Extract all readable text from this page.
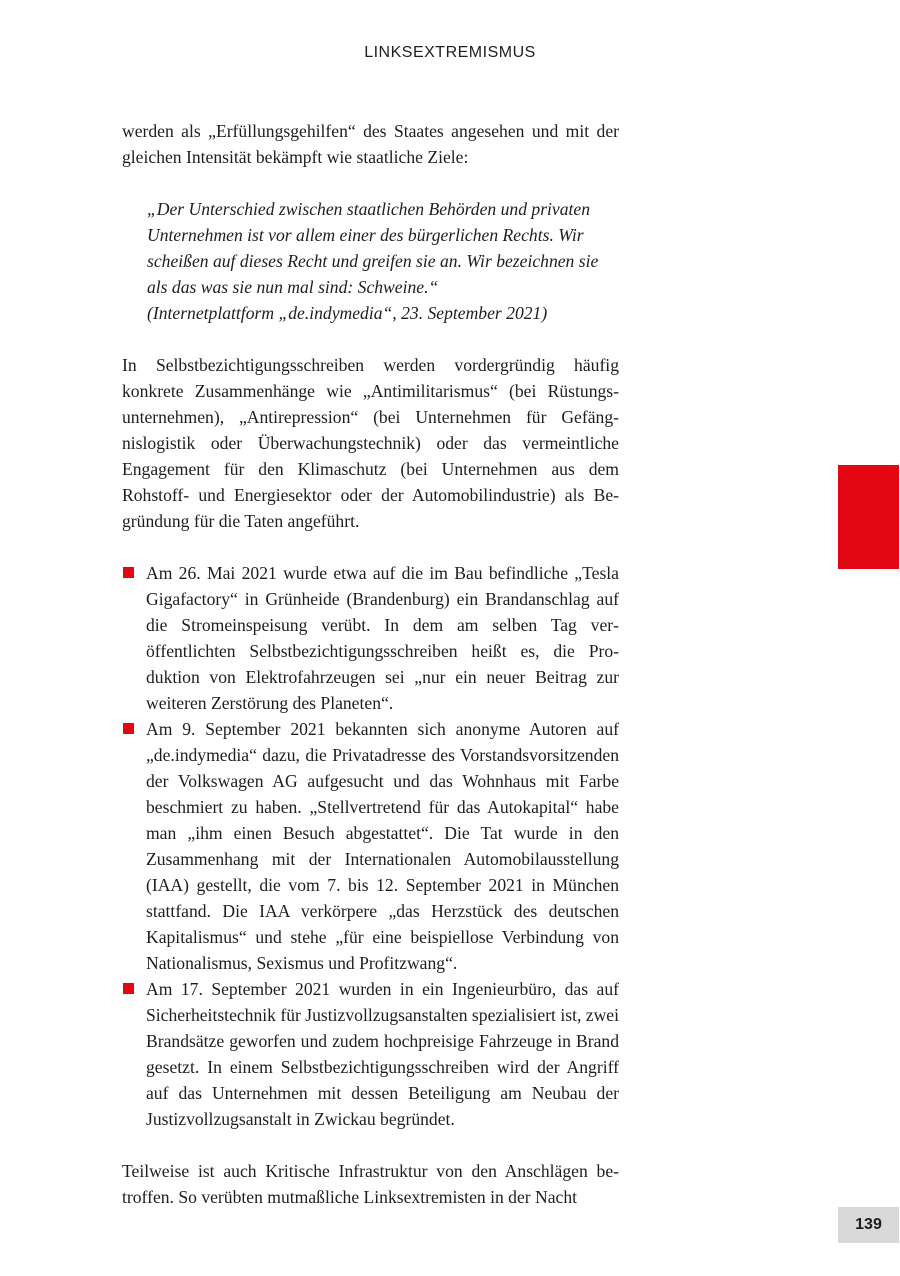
LINKSEXTREMISMUS

werden als „Erfüllungsgehilfen“ des Staates angesehen und mit der gleichen Intensität bekämpft wie staatliche Ziele:

„Der Unterschied zwischen staatlichen Behörden und privaten Unternehmen ist vor allem einer des bürgerlichen Rechts. Wir scheißen auf dieses Recht und greifen sie an. Wir bezeichnen sie als das was sie nun mal sind: Schweine.“
(Internetplattform „de.indymedia“, 23. September 2021)

In Selbstbezichtigungsschreiben werden vordergründig häufig konkrete Zusammenhänge wie „Antimilitarismus“ (bei Rüstungsunternehmen), „Antirepression“ (bei Unternehmen für Gefängnislogistik oder Überwachungstechnik) oder das vermeintliche Engagement für den Klimaschutz (bei Unternehmen aus dem Rohstoff- und Energiesektor oder der Automobilindustrie) als Begründung für die Taten angeführt.

Am 26. Mai 2021 wurde etwa auf die im Bau befindliche „Tesla Gigafactory“ in Grünheide (Brandenburg) ein Brandanschlag auf die Stromeinspeisung verübt. In dem am selben Tag veröffentlichten Selbstbezichtigungsschreiben heißt es, die Produktion von Elektrofahrzeugen sei „nur ein neuer Beitrag zur weiteren Zerstörung des Planeten“.
Am 9. September 2021 bekannten sich anonyme Autoren auf „de.indymedia“ dazu, die Privatadresse des Vorstandsvorsitzenden der Volkswagen AG aufgesucht und das Wohnhaus mit Farbe beschmiert zu haben. „Stellvertretend für das Autokapital“ habe man „ihm einen Besuch abgestattet“. Die Tat wurde in den Zusammenhang mit der Internationalen Automobilausstellung (IAA) gestellt, die vom 7. bis 12. September 2021 in München stattfand. Die IAA verkörpere „das Herzstück des deutschen Kapitalismus“ und stehe „für eine beispiellose Verbindung von Nationalismus, Sexismus und Profitzwang“.
Am 17. September 2021 wurden in ein Ingenieurbüro, das auf Sicherheitstechnik für Justizvollzugsanstalten spezialisiert ist, zwei Brandsätze geworfen und zudem hochpreisige Fahrzeuge in Brand gesetzt. In einem Selbstbezichtigungsschreiben wird der Angriff auf das Unternehmen mit dessen Beteiligung am Neubau der Justizvollzugsanstalt in Zwickau begründet.

Teilweise ist auch Kritische Infrastruktur von den Anschlägen betroffen. So verübten mutmaßliche Linksextremisten in der Nacht

139
